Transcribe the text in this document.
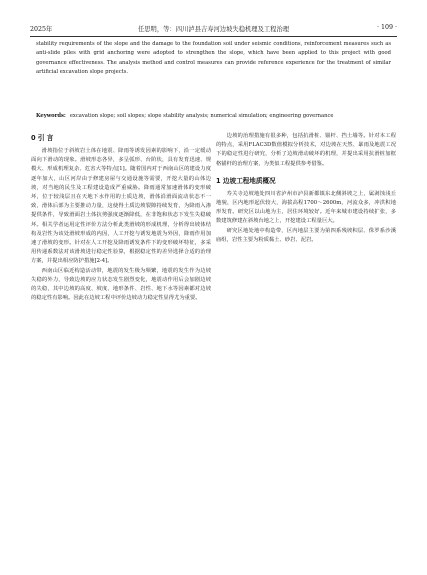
2025年	任思明，等：四川泸县吉寿河边坡失稳机理及工程治理	· 109 ·

stability requirements of the slope and the damage to the foundation soil under seismic conditions, reinforcement measures such as anti-slide piles with grid anchoring were adopted to strengthen the slope, which have been applied to this project with good governance effectiveness. The analysis method and control measures can provide reference experience for the treatment of similar artificial excavation slope projects.

Keywords: excavation slope; soil slopes; slope stability analysis; numerical simulation; engineering governance
0 引 言

滑坡指位于斜坡岩土体在地震、降雨等诱发因素的影响下，沿一定缓动面向下滑动的现象。滑坡形态各异，多呈弧形、台阶状，具有发育迅速、规模大、形成机理复杂、危害大等特点[1]。随着国内对于西南山区的建设力度逐年加大，山区河岸由于修建房屋与交通设施等需要，开挖大量的山体边坡，对当地的民生及工程建设造成严重威胁。降雨通常加速滑体的变形破坏，位于较浅层且在天地下水作用的土质边坡，滑体沿滑面流动状态不一致，滑体后部为主要推动力量，这使得土质边坡裂隙持续发育，为降雨入渗提供条件，导致滑面岩土体抗剪强度逐渐降低，在非饱和状态下发生失稳破坏。相关学者运用定性评价方法分析此类滑坡的形成机理，分析得出坡体结构及岩性为该处滑坡形成的内因，人工开挖与诱发地震为外因，降雨作用加速了滑坡的变形。针对在人工开挖及降雨诱发条件下的变形破坏特征，多采用传递系数法对该滑坡进行稳定性验算，根据稳定性的差异选择合适的治理方案，并提出相应防护措施[2-4]。

西南山区临近构造活动带，地震的发生极为频繁，地震的发生作为边坡失稳的外力，导致边坡的应力状态发生剧烈变化，地震动作用后会加剧边坡的失稳，其中边坡的高度、坡度、地形条件、岩性、地下水等因素都对边坡的稳定性有影响。因此在边坡工程中评价边坡动力稳定性显得尤为重要。

边坡的治理措施有很多种，包括抗滑桩、锚杆、挡土墙等。针对本工程的特点，采用FLAC3D数值模拟分析技术，对边坡在天然、暴雨及地震工况下的稳定性进行研究，分析了边坡滑动破坏的机理，并提出采用抗滑桩加框格锚杆的治理方案，为类似工程提供参考借鉴。

1 边坡工程地质概况

寿关寺边坡地处四川省泸州市泸县新都镇东北侧斜坡之上，属剥蚀浅丘地貌，区内地形起伏较大，海拔高程1700～2600m，河流众多，冲洪积地形发育。研究区以山地为主，居住环境较好。近年来城市建设持续扩张，多数建筑修建在斜坡台地之上，开挖建设工程量巨大。

研究区地处地中构造带，区内地层主要为第四系残坡积层、侏罗系沙溪庙组，岩性主要为粉质黏土、砂岩、泥岩。
